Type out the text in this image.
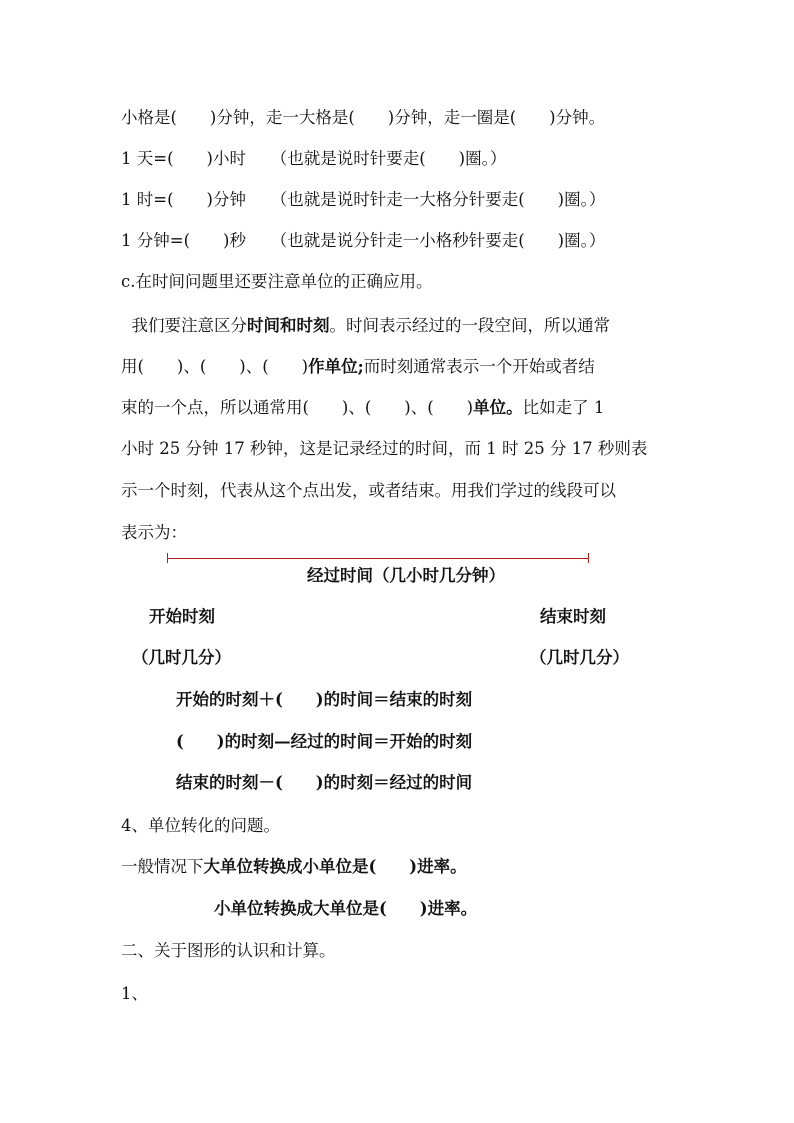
小格是(　　)分钟，走一大格是(　　)分钟，走一圈是(　　)分钟。
1 天=(　　)小时　　（也就是说时针要走(　　)圈。）
1 时=(　　)分钟　　（也就是说时针走一大格分针要走(　　)圈。）
1 分钟=(　　)秒　　（也就是说分针走一小格秒针要走(　　)圈。）
c.在时间问题里还要注意单位的正确应用。
我们要注意区分时间和时刻。时间表示经过的一段空间，所以通常
用(　　)、(　　)、(　　)作单位;而时刻通常表示一个开始或者结
束的一个点，所以通常用(　　)、(　　)、(　　)单位。比如走了 1
小时 25 分钟 17 秒钟，这是记录经过的时间，而 1 时 25 分 17 秒则表
示一个时刻，代表从这个点出发，或者结束。用我们学过的线段可以
表示为：
经过时间（几小时几分钟）
开始时刻
（几时几分）
结束时刻
（几时几分）
开始的时刻＋(　　)的时间＝结束的时刻
(　　)的时刻—经过的时间＝开始的时刻
结束的时刻－(　　)的时刻＝经过的时间
4、单位转化的问题。
一般情况下大单位转换成小单位是(　　)进率。
小单位转换成大单位是(　　)进率。
二、关于图形的认识和计算。
1、
